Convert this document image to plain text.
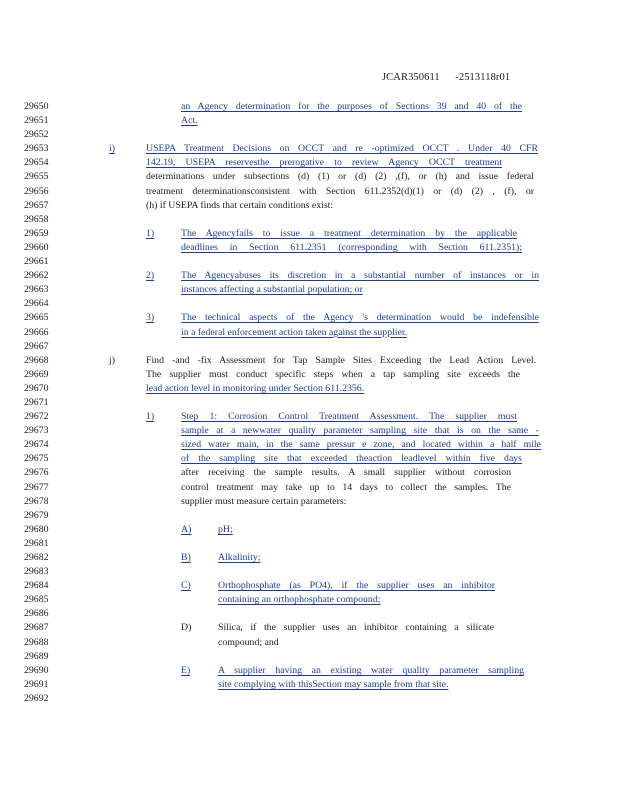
JCAR350611 -2513118r01
29650
29651
29652
29653
29654
29655
29656
29657
29658
29659
29660
29661
29662
29663
29664
29665
29666
29667
29668
29669
29670
29671
29672
29673
29674
29675
29676
29677
29678
29679
29680
29681
29682
29683
29684
29685
29686
29687
29688
29689
29690
29691
29692
an Agency determination for the purposes of Sections 39 and 40 of the
Act.
i)	USEPA Treatment Decisions on OCCT and re -optimized OCCT . Under 40 CFR
142.19, USEPA reservesthe prerogative to review Agency OCCT treatment
determinations under subsections (d) (1) or (d) (2) ,(f), or (h) and issue federal
treatment determinationsconsistent with Section 611.2352(d)(1) or (d) (2) , (f), or
(h) if USEPA finds that certain conditions exist:
1)	The Agencyfails to issue a treatment determination by the applicable
deadlines in Section 611.2351 (corresponding with Section 611.2351);
2)	The Agencyabuses its discretion in a substantial number of instances or in
instances affecting a substantial population; or
3)	The technical aspects of the Agency 's determination would be indefensible
in a federal enforcement action taken against the supplier.
j)	Find -and -fix Assessment for Tap Sample Sites Exceeding the Lead Action Level.
The supplier must conduct specific steps when a tap sampling site exceeds the
lead action level in monitoring under Section 611.2356.
1)	Step 1: Corrosion Control Treatment Assessment. The supplier must
sample at a newwater quality parameter sampling site that is on the same -
sized water main, in the same pressur e zone, and located within a half mile
of the sampling site that exceeded theaction leadlevel within five days
after receiving the sample results. A small supplier without corrosion
control treatment may take up to 14 days to collect the samples. The
supplier must measure certain parameters:
A)	pH;
B)	Alkalinity;
C)	Orthophosphate (as PO4), if the supplier uses an inhibitor
containing an orthophosphate compound;
D)	Silica, if the supplier uses an inhibitor containing a silicate
compound; and
E)	A supplier having an existing water quality parameter sampling
site complying with thisSection may sample from that site.
